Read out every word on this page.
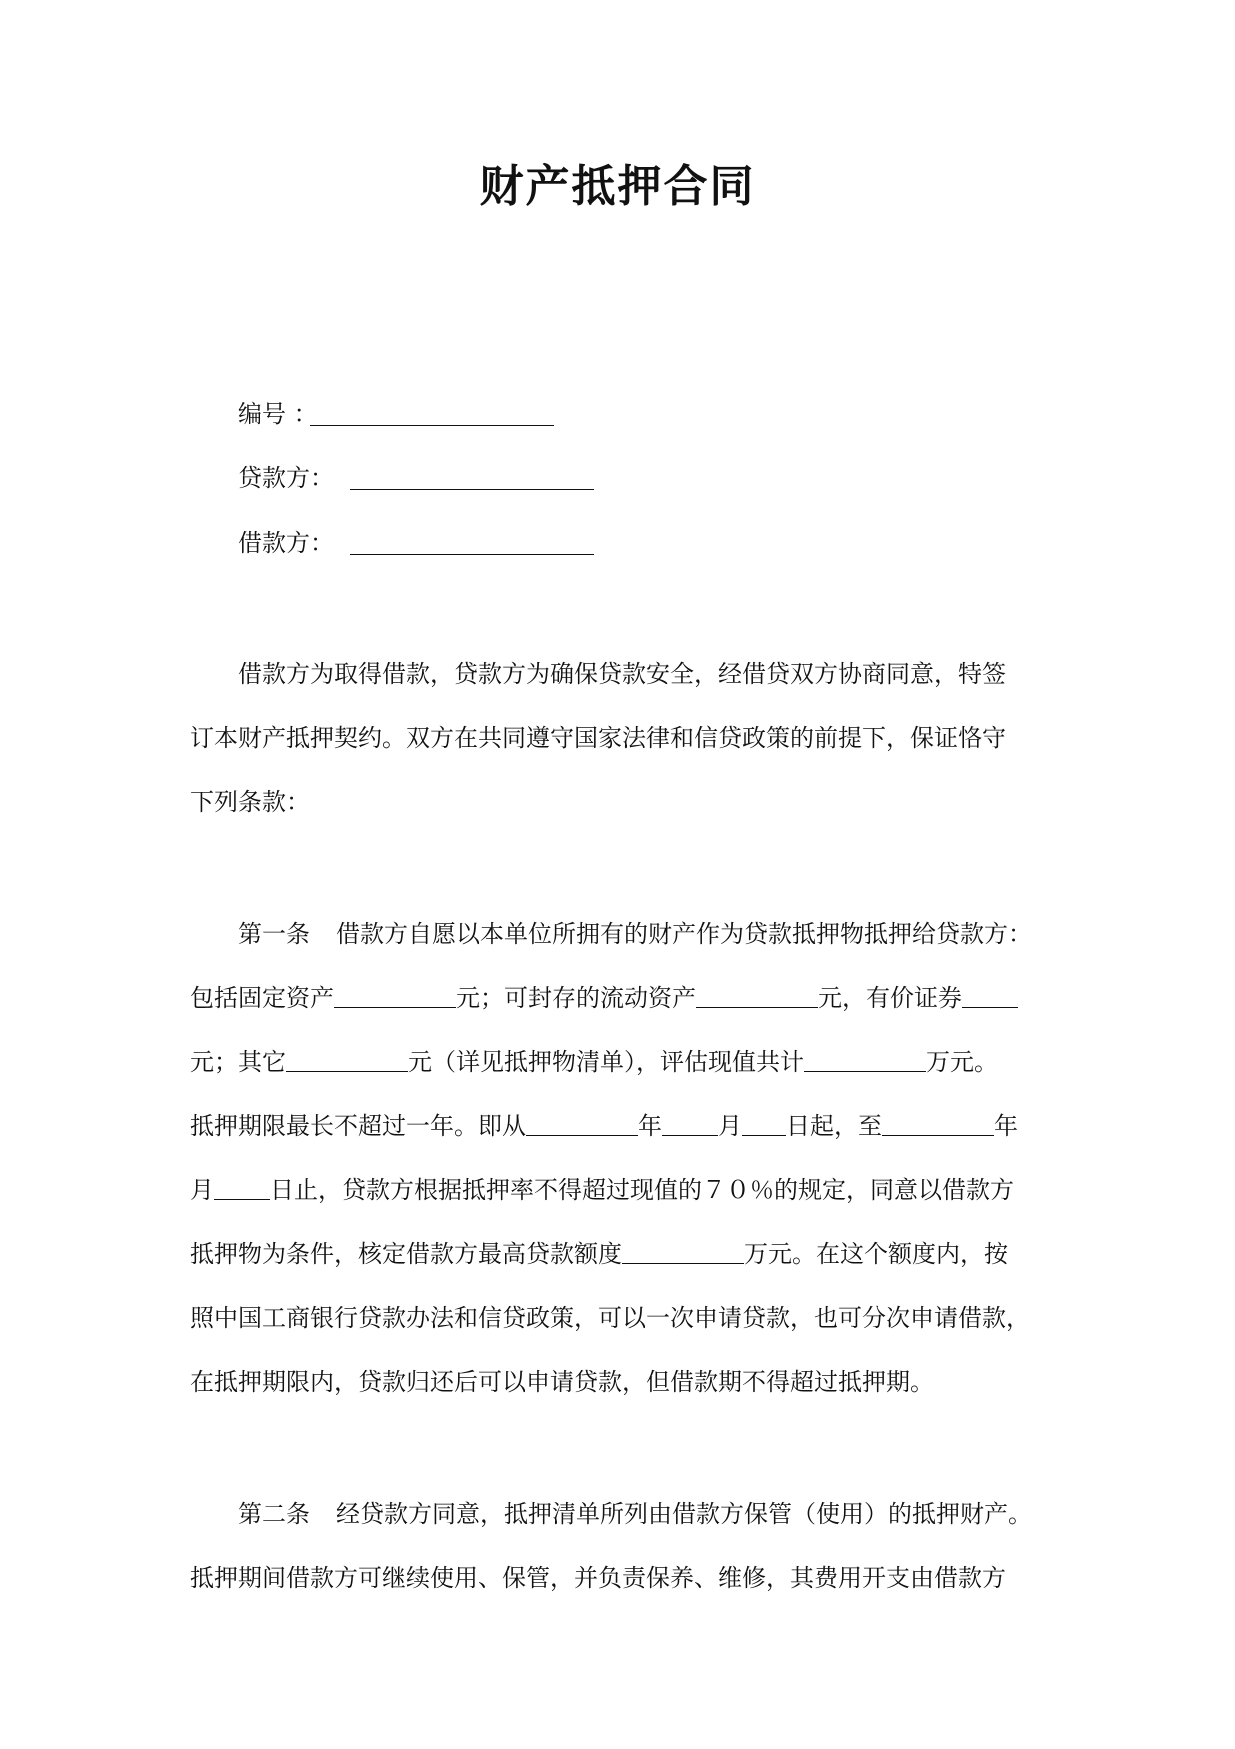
财产抵押合同
编号 ：
贷款方：
借款方：
借款方为取得借款，贷款方为确保贷款安全，经借贷双方协商同意，特签
订本财产抵押契约。双方在共同遵守国家法律和信贷政策的前提下，保证恪守
下列条款：
第一条 借款方自愿以本单位所拥有的财产作为贷款抵押物抵押给贷款方：
包括固定资产	元；可封存的流动资产	元，有价证券
元；其它	元（详见抵押物清单），评估现值共计	万元。
抵押期限最长不超过一年。即从	年 月 日起，至	年
月 日止，贷款方根据抵押率不得超过现值的７０％的规定，同意以借款方
抵押物为条件，核定借款方最高贷款额度	万元。在这个额度内，按
照中国工商银行贷款办法和信贷政策，可以一次申请贷款，也可分次申请借款，
在抵押期限内，贷款归还后可以申请贷款，但借款期不得超过抵押期。
第二条 经贷款方同意，抵押清单所列由借款方保管（使用）的抵押财产。
抵押期间借款方可继续使用、保管，并负责保养、维修，其费用开支由借款方
